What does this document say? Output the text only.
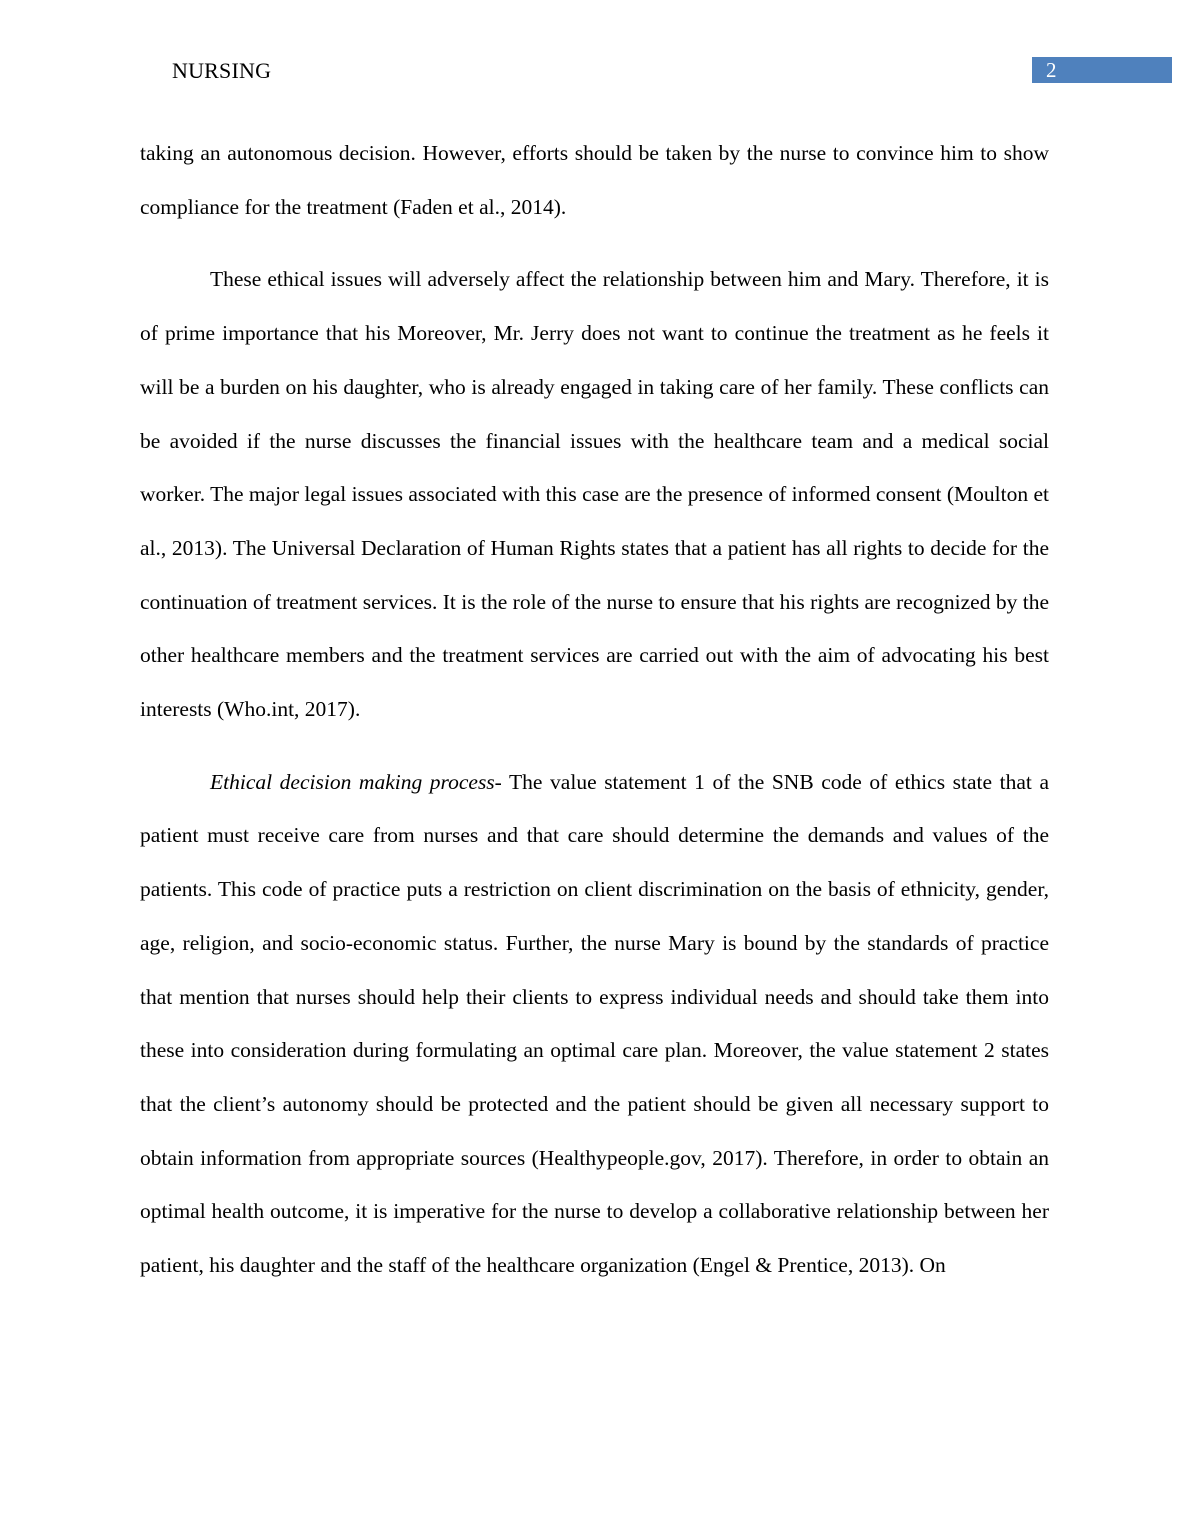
NURSING	2

taking an autonomous decision. However, efforts should be taken by the nurse to convince him to show compliance for the treatment (Faden et al., 2014).

These ethical issues will adversely affect the relationship between him and Mary. Therefore, it is of prime importance that his Moreover, Mr. Jerry does not want to continue the treatment as he feels it will be a burden on his daughter, who is already engaged in taking care of her family. These conflicts can be avoided if the nurse discusses the financial issues with the healthcare team and a medical social worker. The major legal issues associated with this case are the presence of informed consent (Moulton et al., 2013). The Universal Declaration of Human Rights states that a patient has all rights to decide for the continuation of treatment services. It is the role of the nurse to ensure that his rights are recognized by the other healthcare members and the treatment services are carried out with the aim of advocating his best interests (Who.int, 2017).

Ethical decision making process- The value statement 1 of the SNB code of ethics state that a patient must receive care from nurses and that care should determine the demands and values of the patients. This code of practice puts a restriction on client discrimination on the basis of ethnicity, gender, age, religion, and socio-economic status. Further, the nurse Mary is bound by the standards of practice that mention that nurses should help their clients to express individual needs and should take them into these into consideration during formulating an optimal care plan. Moreover, the value statement 2 states that the client’s autonomy should be protected and the patient should be given all necessary support to obtain information from appropriate sources (Healthypeople.gov, 2017). Therefore, in order to obtain an optimal health outcome, it is imperative for the nurse to develop a collaborative relationship between her patient, his daughter and the staff of the healthcare organization (Engel & Prentice, 2013). On
